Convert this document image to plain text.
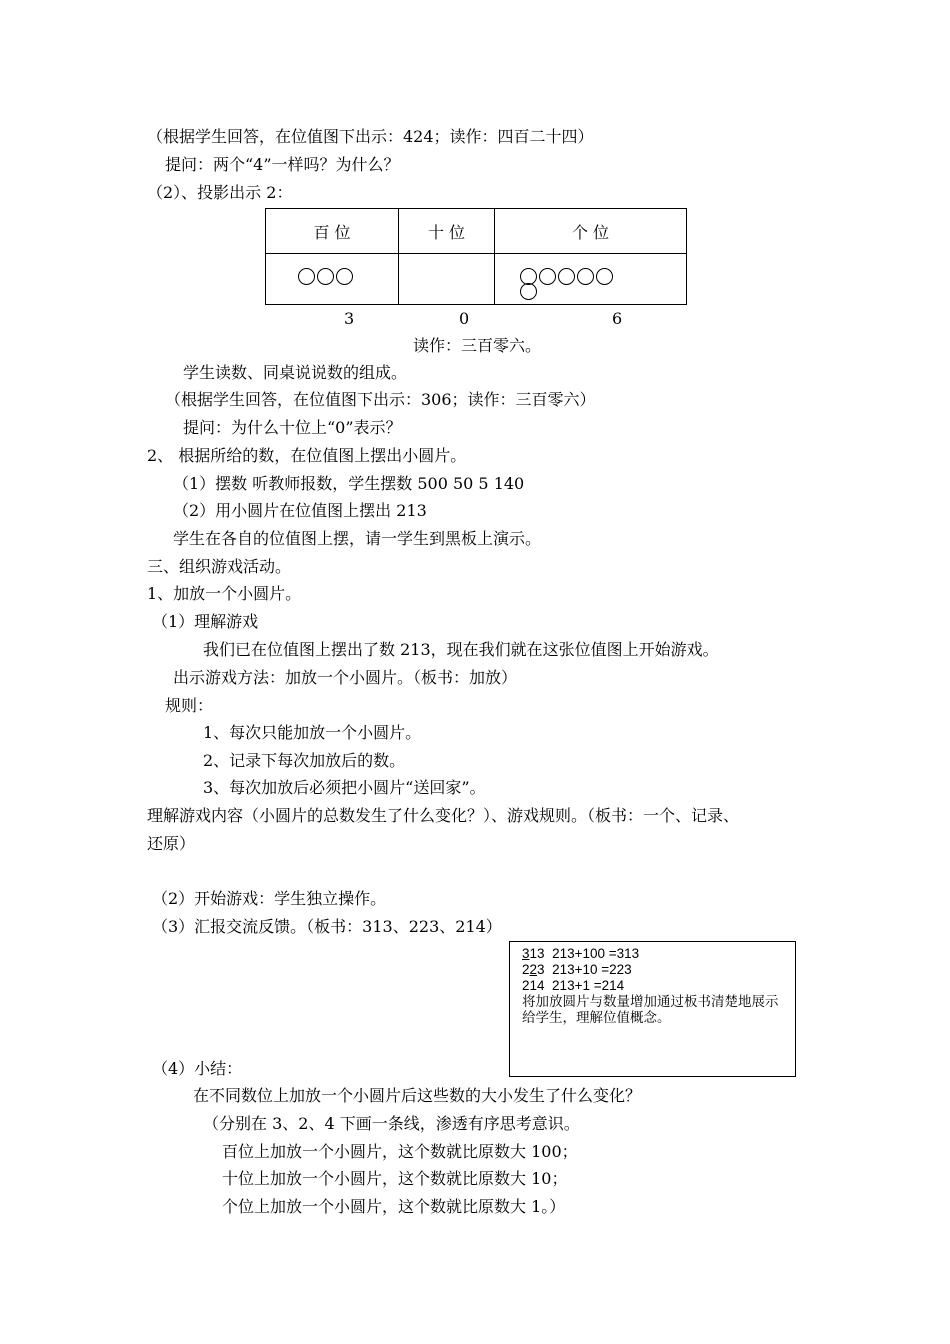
（根据学生回答，在位值图下出示：424；读作：四百二十四）
提问：两个“4”一样吗？为什么？
（2）、投影出示 2：
百 位	十 位	个 位

3	0	6
读作：三百零六。
学生读数、同桌说说数的组成。
（根据学生回答，在位值图下出示：306；读作：三百零六）
提问：为什么十位上“0”表示？
2、 根据所给的数，在位值图上摆出小圆片。
（1）摆数 听教师报数，学生摆数 500 50 5 140
（2）用小圆片在位值图上摆出 213
学生在各自的位值图上摆，请一学生到黑板上演示。
三、组织游戏活动。
1、加放一个小圆片。
（1）理解游戏
我们已在位值图上摆出了数 213，现在我们就在这张位值图上开始游戏。
出示游戏方法：加放一个小圆片。（板书：加放）
规则：
1、每次只能加放一个小圆片。
2、记录下每次加放后的数。
3、每次加放后必须把小圆片“送回家”。
理解游戏内容（小圆片的总数发生了什么变化？）、游戏规则。（板书：一个、记录、
还原）
（2）开始游戏：学生独立操作。
（3）汇报交流反馈。（板书：313、223、214）
313 213+100 =313
223 213+10 =223
214 213+1 =214
将加放圆片与数量增加通过板书清楚地展示给学生，理解位值概念。
（4）小结：
在不同数位上加放一个小圆片后这些数的大小发生了什么变化？
（分别在 3、2、4 下画一条线，渗透有序思考意识。
百位上加放一个小圆片，这个数就比原数大 100；
十位上加放一个小圆片，这个数就比原数大 10；
个位上加放一个小圆片，这个数就比原数大 1。）
